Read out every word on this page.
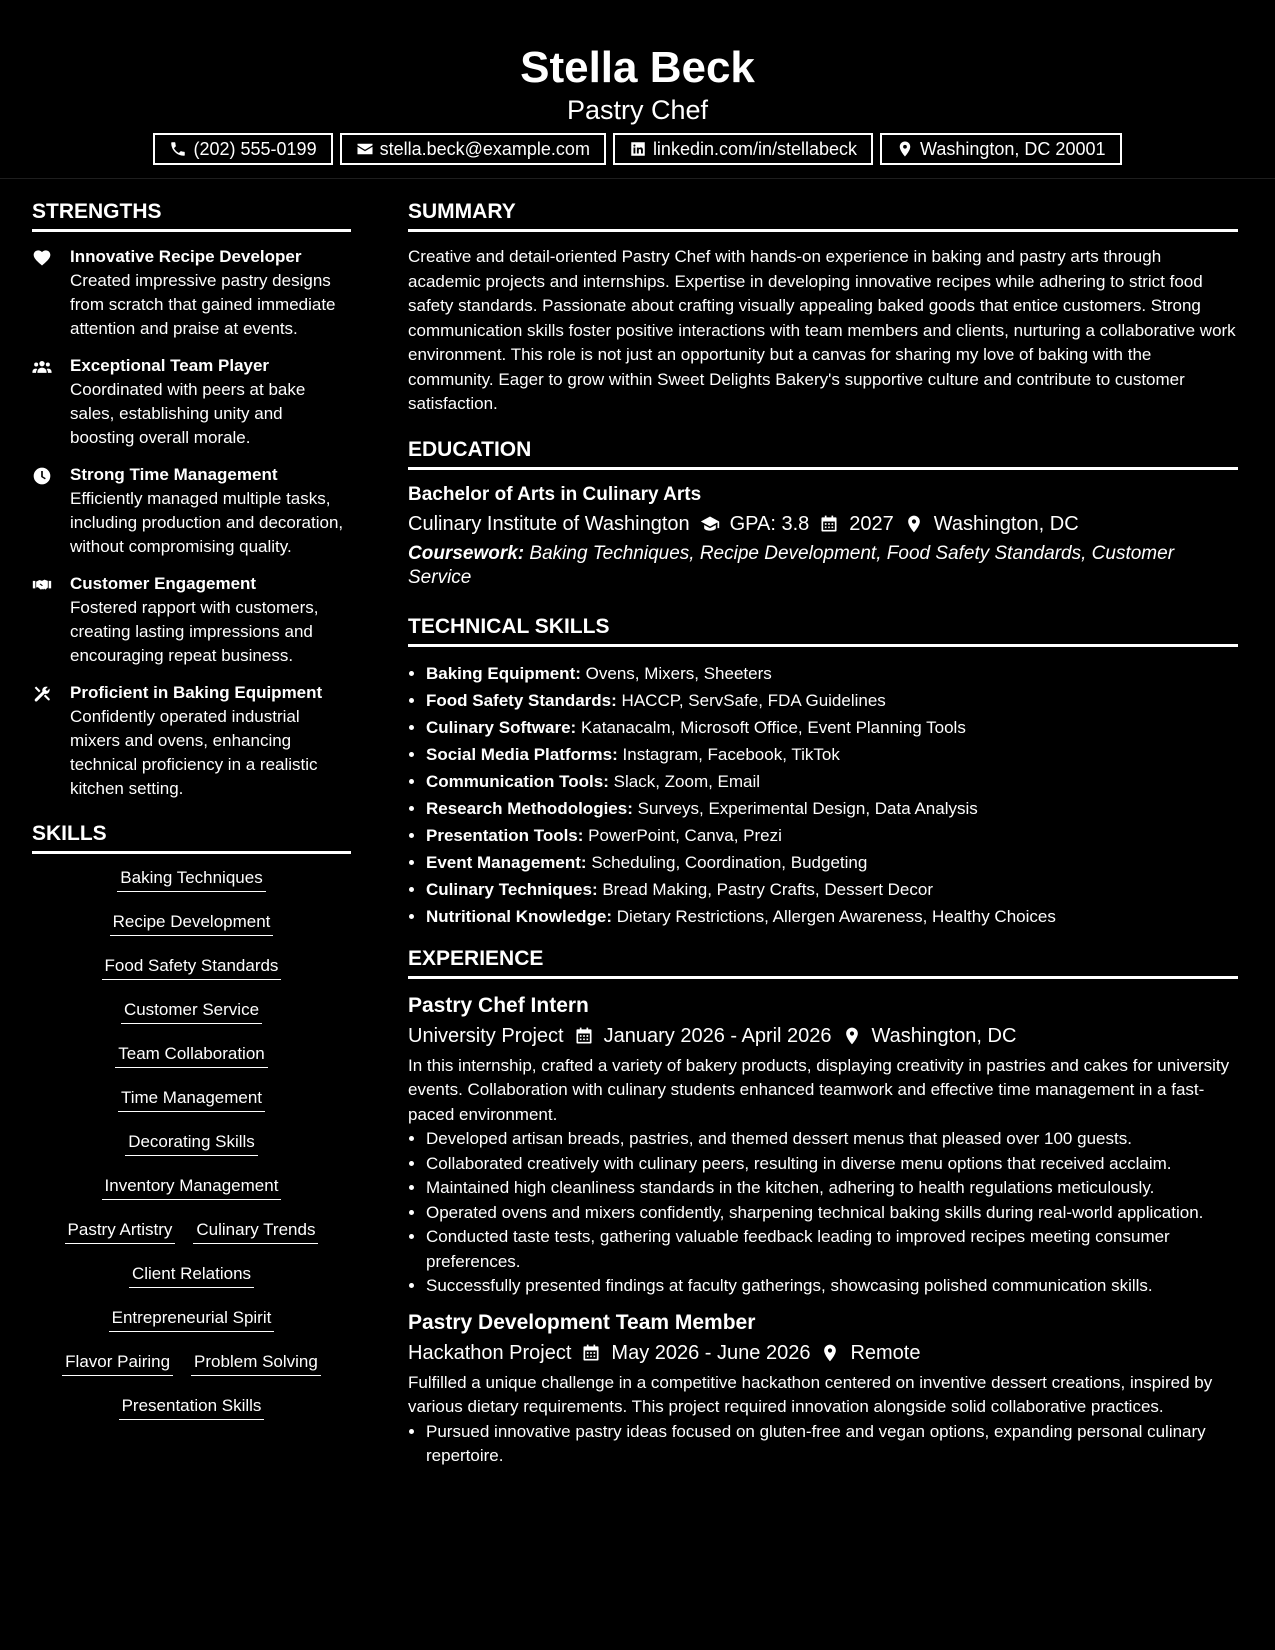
Stella Beck
Pastry Chef
(202) 555-0199	stella.beck@example.com	linkedin.com/in/stellabeck	Washington, DC 20001
STRENGTHS
Innovative Recipe Developer
Created impressive pastry designs from scratch that gained immediate attention and praise at events.
Exceptional Team Player
Coordinated with peers at bake sales, establishing unity and boosting overall morale.
Strong Time Management
Efficiently managed multiple tasks, including production and decoration, without compromising quality.
Customer Engagement
Fostered rapport with customers, creating lasting impressions and encouraging repeat business.
Proficient in Baking Equipment
Confidently operated industrial mixers and ovens, enhancing technical proficiency in a realistic kitchen setting.
SKILLS
Baking Techniques
Recipe Development
Food Safety Standards
Customer Service
Team Collaboration
Time Management
Decorating Skills
Inventory Management
Pastry Artistry Culinary Trends
Client Relations
Entrepreneurial Spirit
Flavor Pairing Problem Solving
Presentation Skills
SUMMARY

Creative and detail-oriented Pastry Chef with hands-on experience in baking and pastry arts through academic projects and internships. Expertise in developing innovative recipes while adhering to strict food safety standards. Passionate about crafting visually appealing baked goods that entice customers. Strong communication skills foster positive interactions with team members and clients, nurturing a collaborative work environment. This role is not just an opportunity but a canvas for sharing my love of baking with the community. Eager to grow within Sweet Delights Bakery's supportive culture and contribute to customer satisfaction.

EDUCATION
Bachelor of Arts in Culinary Arts
Culinary Institute of Washington GPA: 3.8 2027 Washington, DC
Coursework: Baking Techniques, Recipe Development, Food Safety Standards, Customer Service
TECHNICAL SKILLS
• Baking Equipment: Ovens, Mixers, Sheeters
• Food Safety Standards: HACCP, ServSafe, FDA Guidelines
• Culinary Software: Katanacalm, Microsoft Office, Event Planning Tools
• Social Media Platforms: Instagram, Facebook, TikTok
• Communication Tools: Slack, Zoom, Email
• Research Methodologies: Surveys, Experimental Design, Data Analysis
• Presentation Tools: PowerPoint, Canva, Prezi
• Event Management: Scheduling, Coordination, Budgeting
• Culinary Techniques: Bread Making, Pastry Crafts, Dessert Decor
• Nutritional Knowledge: Dietary Restrictions, Allergen Awareness, Healthy Choices
EXPERIENCE
Pastry Chef Intern
University Project January 2026 - April 2026 Washington, DC

In this internship, crafted a variety of bakery products, displaying creativity in pastries and cakes for university events. Collaboration with culinary students enhanced teamwork and effective time management in a fast-paced environment.

• Developed artisan breads, pastries, and themed dessert menus that pleased over 100 guests.
• Collaborated creatively with culinary peers, resulting in diverse menu options that received acclaim.
• Maintained high cleanliness standards in the kitchen, adhering to health regulations meticulously.
• Operated ovens and mixers confidently, sharpening technical baking skills during real-world application.
• Conducted taste tests, gathering valuable feedback leading to improved recipes meeting consumer preferences.
• Successfully presented findings at faculty gatherings, showcasing polished communication skills.
Pastry Development Team Member
Hackathon Project May 2026 - June 2026 Remote

Fulfilled a unique challenge in a competitive hackathon centered on inventive dessert creations, inspired by various dietary requirements. This project required innovation alongside solid collaborative practices.

• Pursued innovative pastry ideas focused on gluten-free and vegan options, expanding personal culinary repertoire.
